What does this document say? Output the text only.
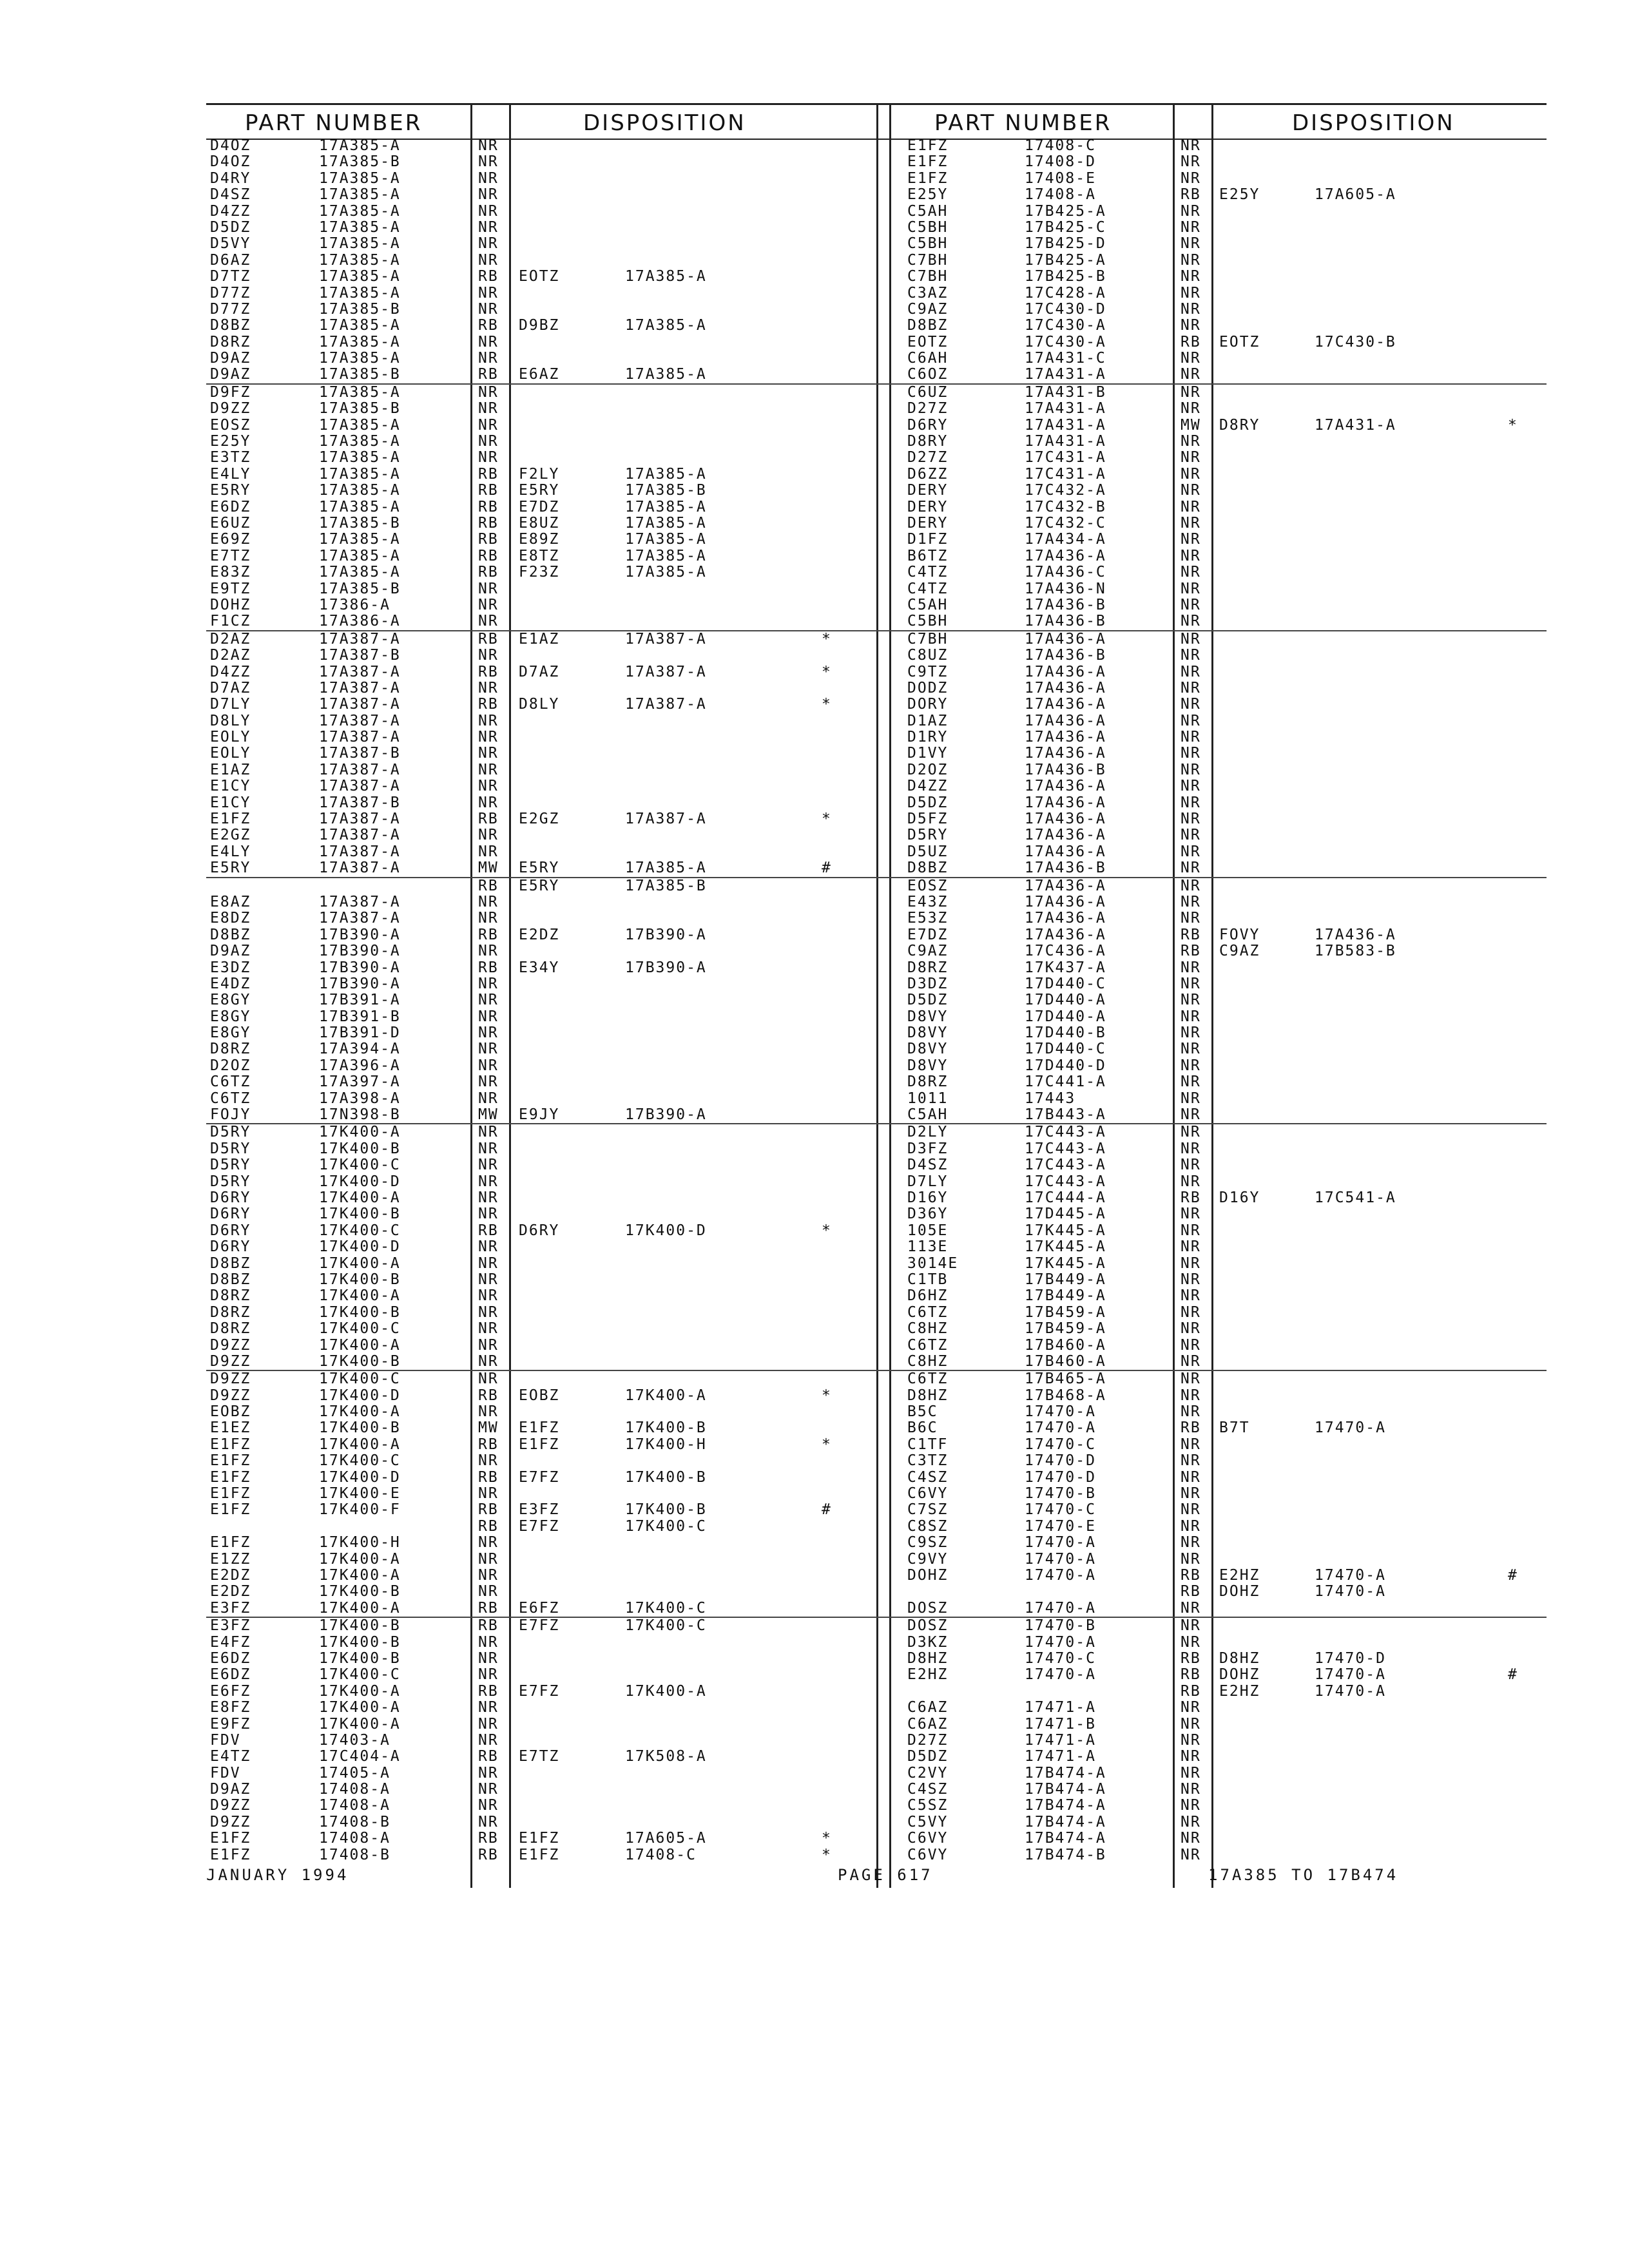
PART NUMBER	DISPOSITION
D4OZ	17A385-A	NR
D4OZ	17A385-B	NR
D4RY	17A385-A	NR
D4SZ	17A385-A	NR
D4ZZ	17A385-A	NR
D5DZ	17A385-A	NR
D5VY	17A385-A	NR
D6AZ	17A385-A	NR
D7TZ	17A385-A	RB EOTZ	17A385-A
D77Z	17A385-A	NR
D77Z	17A385-B	NR
D8BZ	17A385-A	RB D9BZ	17A385-A
D8RZ	17A385-A	NR
D9AZ	17A385-A	NR
D9AZ	17A385-B	RB E6AZ	17A385-A
D9FZ	17A385-A	NR
D9ZZ	17A385-B	NR
EOSZ	17A385-A	NR
E25Y	17A385-A	NR
E3TZ	17A385-A	NR
E4LY	17A385-A	RB F2LY	17A385-A
E5RY	17A385-A	RB E5RY	17A385-B
E6DZ	17A385-A	RB E7DZ	17A385-A
E6UZ	17A385-B	RB E8UZ	17A385-A
E69Z	17A385-A	RB E89Z	17A385-A
E7TZ	17A385-A	RB E8TZ	17A385-A
E83Z	17A385-A	RB F23Z	17A385-A
E9TZ	17A385-B	NR
DOHZ	17386-A	NR
F1CZ	17A386-A	NR
D2AZ	17A387-A	RB E1AZ	17A387-A	*
D2AZ	17A387-B	NR
D4ZZ	17A387-A	RB D7AZ	17A387-A	*
D7AZ	17A387-A	NR
D7LY	17A387-A	RB D8LY	17A387-A	*
D8LY	17A387-A	NR
EOLY	17A387-A	NR
EOLY	17A387-B	NR
E1AZ	17A387-A	NR
E1CY	17A387-A	NR
E1CY	17A387-B	NR
E1FZ	17A387-A	RB E2GZ	17A387-A	*
E2GZ	17A387-A	NR
E4LY	17A387-A	NR
E5RY	17A387-A	MW E5RY	17A385-A	#
RB E5RY	17A385-B
E8AZ	17A387-A	NR
E8DZ	17A387-A	NR
D8BZ	17B390-A	RB E2DZ	17B390-A
D9AZ	17B390-A	NR
E3DZ	17B390-A	RB E34Y	17B390-A
E4DZ	17B390-A	NR
E8GY	17B391-A	NR
E8GY	17B391-B	NR
E8GY	17B391-D	NR
D8RZ	17A394-A	NR
D2OZ	17A396-A	NR
C6TZ	17A397-A	NR
C6TZ	17A398-A	NR
FOJY	17N398-B	MW E9JY	17B390-A
D5RY	17K400-A	NR
D5RY	17K400-B	NR
D5RY	17K400-C	NR
D5RY	17K400-D	NR
D6RY	17K400-A	NR
D6RY	17K400-B	NR
D6RY	17K400-C	RB D6RY	17K400-D	*
D6RY	17K400-D	NR
D8BZ	17K400-A	NR
D8BZ	17K400-B	NR
D8RZ	17K400-A	NR
D8RZ	17K400-B	NR
D8RZ	17K400-C	NR
D9ZZ	17K400-A	NR
D9ZZ	17K400-B	NR
D9ZZ	17K400-C	NR
D9ZZ	17K400-D	RB EOBZ	17K400-A	*
EOBZ	17K400-A	NR
E1EZ	17K400-B	MW E1FZ	17K400-B
E1FZ	17K400-A	RB E1FZ	17K400-H	*
E1FZ	17K400-C	NR
E1FZ	17K400-D	RB E7FZ	17K400-B
E1FZ	17K400-E	NR
E1FZ	17K400-F	RB E3FZ	17K400-B	#
RB E7FZ	17K400-C
E1FZ	17K400-H	NR
E1ZZ	17K400-A	NR
E2DZ	17K400-A	NR
E2DZ	17K400-B	NR
E3FZ	17K400-A	RB E6FZ	17K400-C
E3FZ	17K400-B	RB E7FZ	17K400-C
E4FZ	17K400-B	NR
E6DZ	17K400-B	NR
E6DZ	17K400-C	NR
E6FZ	17K400-A	RB E7FZ	17K400-A
E8FZ	17K400-A	NR
E9FZ	17K400-A	NR
FDV	17403-A	NR
E4TZ	17C404-A	RB E7TZ	17K508-A
FDV	17405-A	NR
D9AZ	17408-A	NR
D9ZZ	17408-A	NR
D9ZZ	17408-B	NR
E1FZ	17408-A	RB E1FZ	17A605-A	*
E1FZ	17408-B	RB E1FZ	17408-C	*
PART NUMBER	DISPOSITION
E1FZ	17408-C	NR
E1FZ	17408-D	NR
E1FZ	17408-E	NR
E25Y	17408-A	RB E25Y	17A605-A
C5AH	17B425-A	NR
C5BH	17B425-C	NR
C5BH	17B425-D	NR
C7BH	17B425-A	NR
C7BH	17B425-B	NR
C3AZ	17C428-A	NR
C9AZ	17C430-D	NR
D8BZ	17C430-A	NR
EOTZ	17C430-A	RB EOTZ	17C430-B
C6AH	17A431-C	NR
C6OZ	17A431-A	NR
C6UZ	17A431-B	NR
D27Z	17A431-A	NR
D6RY	17A431-A	MW D8RY	17A431-A	*
D8RY	17A431-A	NR
D27Z	17C431-A	NR
D6ZZ	17C431-A	NR
DERY	17C432-A	NR
DERY	17C432-B	NR
DERY	17C432-C	NR
D1FZ	17A434-A	NR
B6TZ	17A436-A	NR
C4TZ	17A436-C	NR
C4TZ	17A436-N	NR
C5AH	17A436-B	NR
C5BH	17A436-B	NR
C7BH	17A436-A	NR
C8UZ	17A436-B	NR
C9TZ	17A436-A	NR
DODZ	17A436-A	NR
DORY	17A436-A	NR
D1AZ	17A436-A	NR
D1RY	17A436-A	NR
D1VY	17A436-A	NR
D2OZ	17A436-B	NR
D4ZZ	17A436-A	NR
D5DZ	17A436-A	NR
D5FZ	17A436-A	NR
D5RY	17A436-A	NR
D5UZ	17A436-A	NR
D8BZ	17A436-B	NR
EOSZ	17A436-A	NR
E43Z	17A436-A	NR
E53Z	17A436-A	NR
E7DZ	17A436-A	RB FOVY	17A436-A
C9AZ	17C436-A	RB C9AZ	17B583-B
D8RZ	17K437-A	NR
D3DZ	17D440-C	NR
D5DZ	17D440-A	NR
D8VY	17D440-A	NR
D8VY	17D440-B	NR
D8VY	17D440-C	NR
D8VY	17D440-D	NR
D8RZ	17C441-A	NR
1011	17443	NR
C5AH	17B443-A	NR
D2LY	17C443-A	NR
D3FZ	17C443-A	NR
D4SZ	17C443-A	NR
D7LY	17C443-A	NR
D16Y	17C444-A	RB D16Y	17C541-A
D36Y	17D445-A	NR
105E	17K445-A	NR
113E	17K445-A	NR
3014E	17K445-A	NR
C1TB	17B449-A	NR
D6HZ	17B449-A	NR
C6TZ	17B459-A	NR
C8HZ	17B459-A	NR
C6TZ	17B460-A	NR
C8HZ	17B460-A	NR
C6TZ	17B465-A	NR
D8HZ	17B468-A	NR
B5C	17470-A	NR
B6C	17470-A	RB B7T	17470-A
C1TF	17470-C	NR
C3TZ	17470-D	NR
C4SZ	17470-D	NR
C6VY	17470-B	NR
C7SZ	17470-C	NR
C8SZ	17470-E	NR
C9SZ	17470-A	NR
C9VY	17470-A	NR
DOHZ	17470-A	RB E2HZ	17470-A	#
RB DOHZ	17470-A
DOSZ	17470-A	NR
DOSZ	17470-B	NR
D3KZ	17470-A	NR
D8HZ	17470-C	RB D8HZ	17470-D
E2HZ	17470-A	RB DOHZ	17470-A	#
RB E2HZ	17470-A
C6AZ	17471-A	NR
C6AZ	17471-B	NR
D27Z	17471-A	NR
D5DZ	17471-A	NR
C2VY	17B474-A	NR
C4SZ	17B474-A	NR
C5SZ	17B474-A	NR
C5VY	17B474-A	NR
C6VY	17B474-A	NR
C6VY	17B474-B	NR
JANUARY 1994	PAGE 617	17A385 TO 17B474
